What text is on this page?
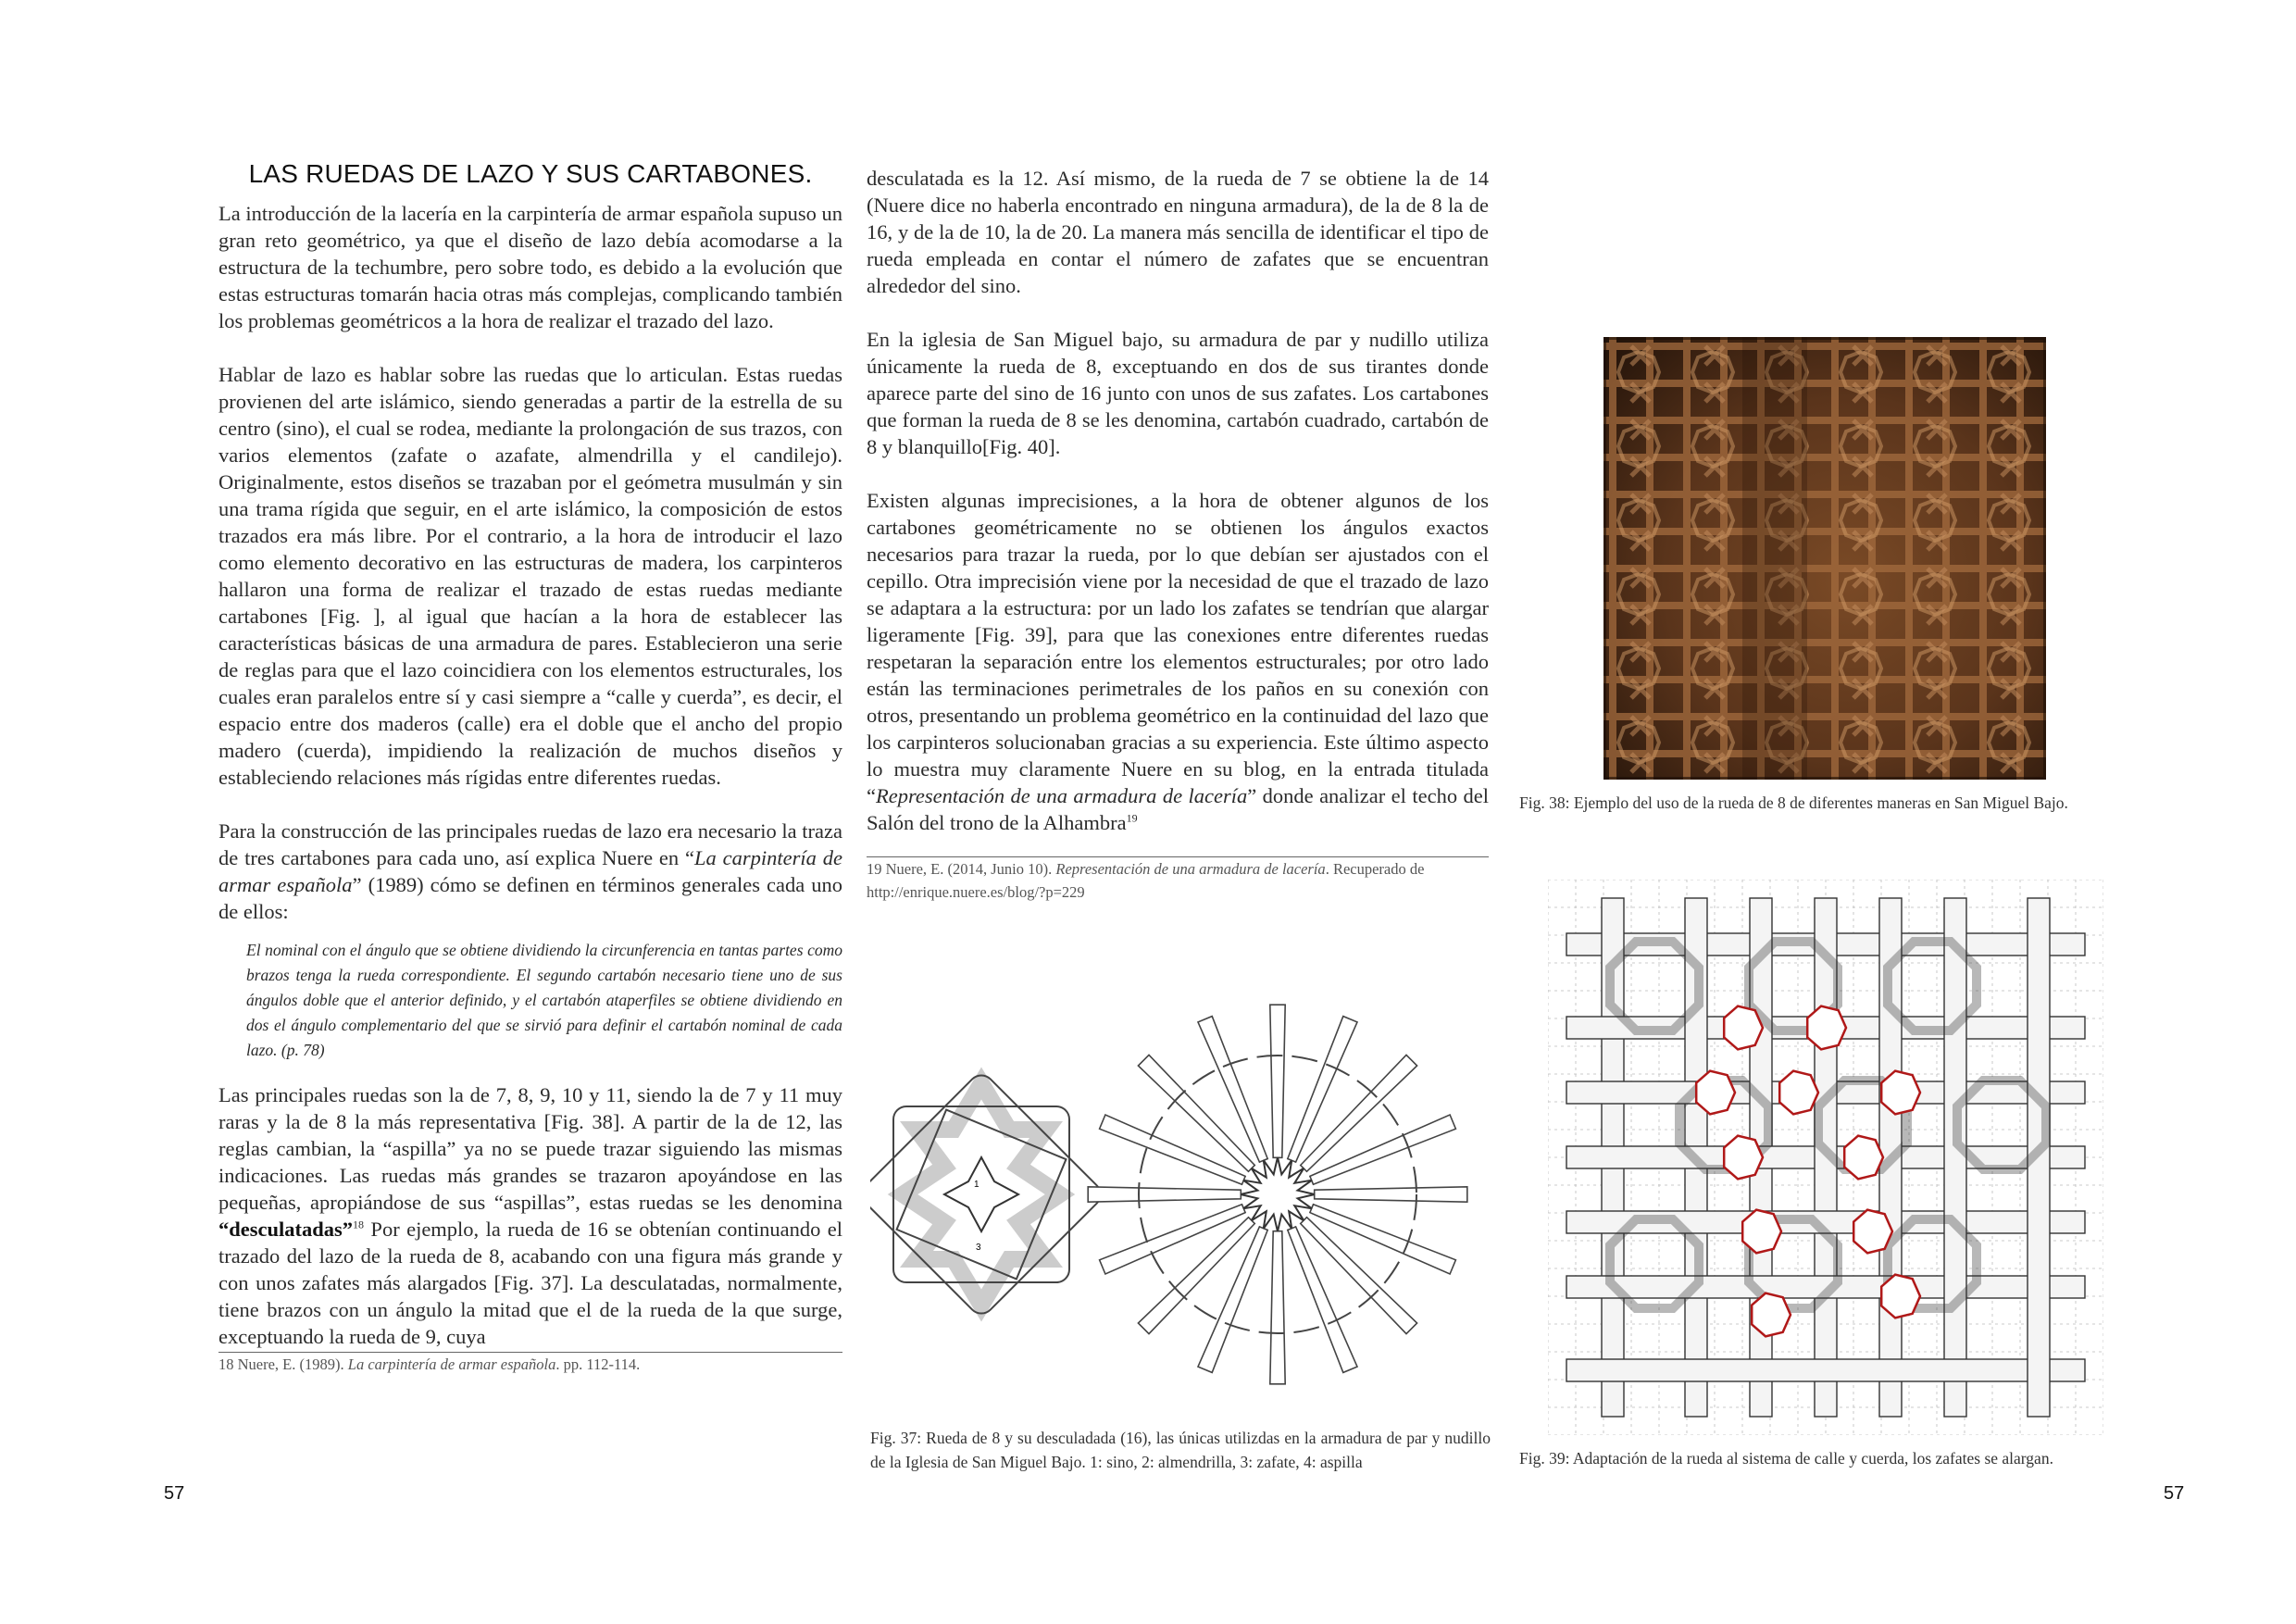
LAS RUEDAS DE LAZO Y SUS CARTABONES.

La introducción de la lacería en la carpintería de armar española supuso un gran reto geométrico, ya que el diseño de lazo debía acomodarse a la estructura de la techumbre, pero sobre todo, es debido a la evolución que estas estructuras tomarán hacia otras más complejas, complicando también los problemas geométricos a la hora de realizar el trazado del lazo.

Hablar de lazo es hablar sobre las ruedas que lo articulan. Estas ruedas provienen del arte islámico, siendo generadas a partir de la estrella de su centro (sino), el cual se rodea, mediante la prolongación de sus trazos, con varios elementos (zafate o azafate, almendrilla y el candilejo). Originalmente, estos diseños se trazaban por el geómetra musulmán y sin una trama rígida que seguir, en el arte islámico, la composición de estos trazados era más libre. Por el contrario, a la hora de introducir el lazo como elemento decorativo en las estructuras de madera, los carpinteros hallaron una forma de realizar el trazado de estas ruedas mediante cartabones [Fig. ], al igual que hacían a la hora de establecer las características básicas de una armadura de pares. Establecieron una serie de reglas para que el lazo coincidiera con los elementos estructurales, los cuales eran paralelos entre sí y casi siempre a “calle y cuerda”, es decir, el espacio entre dos maderos (calle) era el doble que el ancho del propio madero (cuerda), impidiendo la realización de muchos diseños y estableciendo relaciones más rígidas entre diferentes ruedas.

Para la construcción de las principales ruedas de lazo era necesario la traza de tres cartabones para cada uno, así explica Nuere en “La carpintería de armar española” (1989) cómo se definen en términos generales cada uno de ellos:

El nominal con el ángulo que se obtiene dividiendo la circunferencia en tantas partes como brazos tenga la rueda correspondiente. El segundo cartabón necesario tiene uno de sus ángulos doble que el anterior definido, y el cartabón ataperfiles se obtiene dividiendo en dos el ángulo complementario del que se sirvió para definir el cartabón nominal de cada lazo. (p. 78)

Las principales ruedas son la de 7, 8, 9, 10 y 11, siendo la de 7 y 11 muy raras y la de 8 la más representativa [Fig. 38]. A partir de la de 12, las reglas cambian, la “aspilla” ya no se puede trazar siguiendo las mismas indicaciones. Las ruedas más grandes se trazaron apoyándose en las pequeñas, apropiándose de sus “aspillas”, estas ruedas se les denomina “desculatadas”$^{18}$ Por ejemplo, la rueda de 16 se obtenían continuando el trazado del lazo de la rueda de 8, acabando con una figura más grande y con unos zafates más alargados [Fig. 37]. La desculatadas, normalmente, tiene brazos con un ángulo la mitad que el de la rueda de la que surge, exceptuando la rueda de 9, cuya

18 Nuere, E. (1989). La carpintería de armar española. pp. 112-114.

desculatada es la 12. Así mismo, de la rueda de 7 se obtiene la de 14 (Nuere dice no haberla encontrado en ninguna armadura), de la de 8 la de 16, y de la de 10, la de 20. La manera más sencilla de identificar el tipo de rueda empleada en contar el número de zafates que se encuentran alrededor del sino.

En la iglesia de San Miguel bajo, su armadura de par y nudillo utiliza únicamente la rueda de 8, exceptuando en dos de sus tirantes donde aparece parte del sino de 16 junto con unos de sus zafates. Los cartabones que forman la rueda de 8 se les denomina, cartabón cuadrado, cartabón de 8 y blanquillo[Fig. 40].

Existen algunas imprecisiones, a la hora de obtener algunos de los cartabones geométricamente no se obtienen los ángulos exactos necesarios para trazar la rueda, por lo que debían ser ajustados con el cepillo. Otra imprecisión viene por la necesidad de que el trazado de lazo se adaptara a la estructura: por un lado los zafates se tendrían que alargar ligeramente [Fig. 39], para que las conexiones entre diferentes ruedas respetaran la separación entre los elementos estructurales; por otro lado están las terminaciones perimetrales de los paños en su conexión con otros, presentando un problema geométrico en la continuidad del lazo que los carpinteros solucionaban gracias a su experiencia. Este último aspecto lo muestra muy claramente Nuere en su blog, en la entrada titulada “Representación de una armadura de lacería” donde analizar el techo del Salón del trono de la Alhambra$^{19}$

19 Nuere, E. (2014, Junio 10). Representación de una armadura de lacería. Recuperado de http://enrique.nuere.es/blog/?p=229
Fig. 38: Ejemplo del uso de la rueda de 8 de diferentes maneras en San Miguel Bajo.
1
3
Fig. 37: Rueda de 8 y su desculadada (16), las únicas utilizdas en la armadura de par y nudillo de la Iglesia de San Miguel Bajo. 1: sino, 2: almendrilla, 3: zafate, 4: aspilla	Fig. 39: Adaptación de la rueda al sistema de calle y cuerda, los zafates se alargan.
57	57
